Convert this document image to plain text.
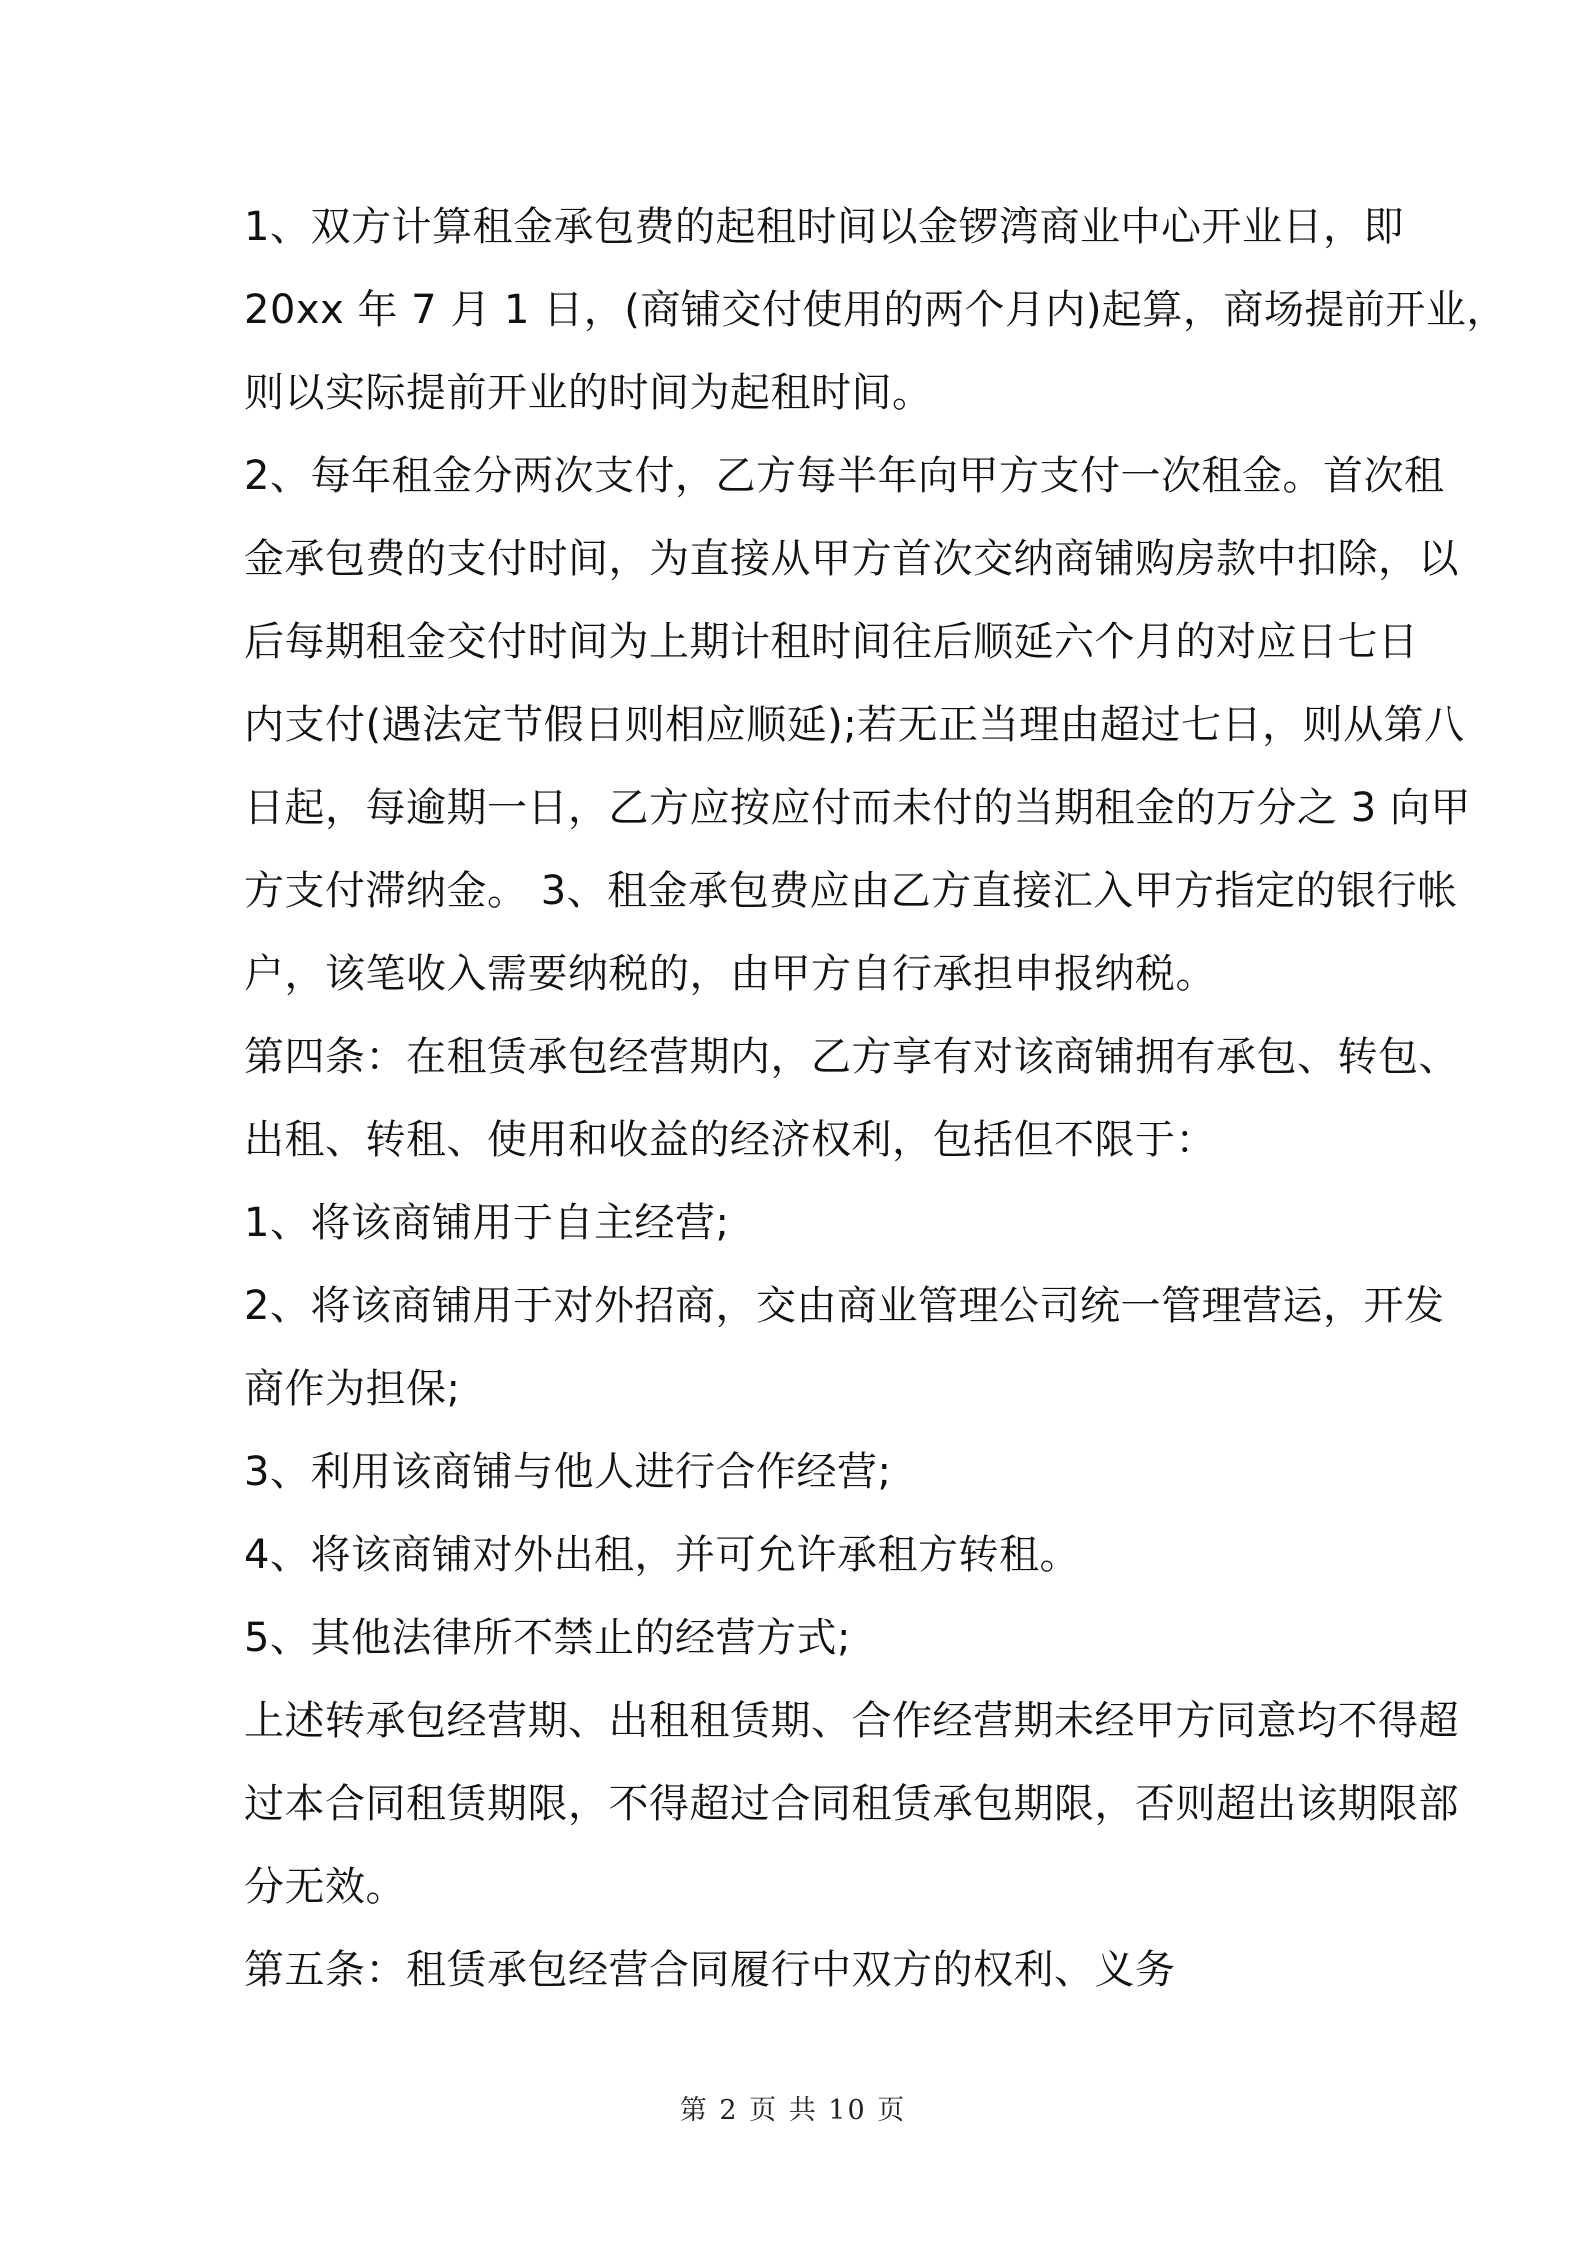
1、双方计算租金承包费的起租时间以金锣湾商业中心开业日，即
20xx 年 7 月 1 日，(商铺交付使用的两个月内)起算，商场提前开业，
则以实际提前开业的时间为起租时间。
2、每年租金分两次支付，乙方每半年向甲方支付一次租金。首次租
金承包费的支付时间，为直接从甲方首次交纳商铺购房款中扣除，以
后每期租金交付时间为上期计租时间往后顺延六个月的对应日七日
内支付(遇法定节假日则相应顺延);若无正当理由超过七日，则从第八
日起，每逾期一日，乙方应按应付而未付的当期租金的万分之 3 向甲
方支付滞纳金。 3、租金承包费应由乙方直接汇入甲方指定的银行帐
户，该笔收入需要纳税的，由甲方自行承担申报纳税。
第四条：在租赁承包经营期内，乙方享有对该商铺拥有承包、转包、
出租、转租、使用和收益的经济权利，包括但不限于：
1、将该商铺用于自主经营;
2、将该商铺用于对外招商，交由商业管理公司统一管理营运，开发
商作为担保;
3、利用该商铺与他人进行合作经营;
4、将该商铺对外出租，并可允许承租方转租。
5、其他法律所不禁止的经营方式;
上述转承包经营期、出租租赁期、合作经营期未经甲方同意均不得超
过本合同租赁期限，不得超过合同租赁承包期限，否则超出该期限部
分无效。
第五条：租赁承包经营合同履行中双方的权利、义务
第 2 页 共 10 页
